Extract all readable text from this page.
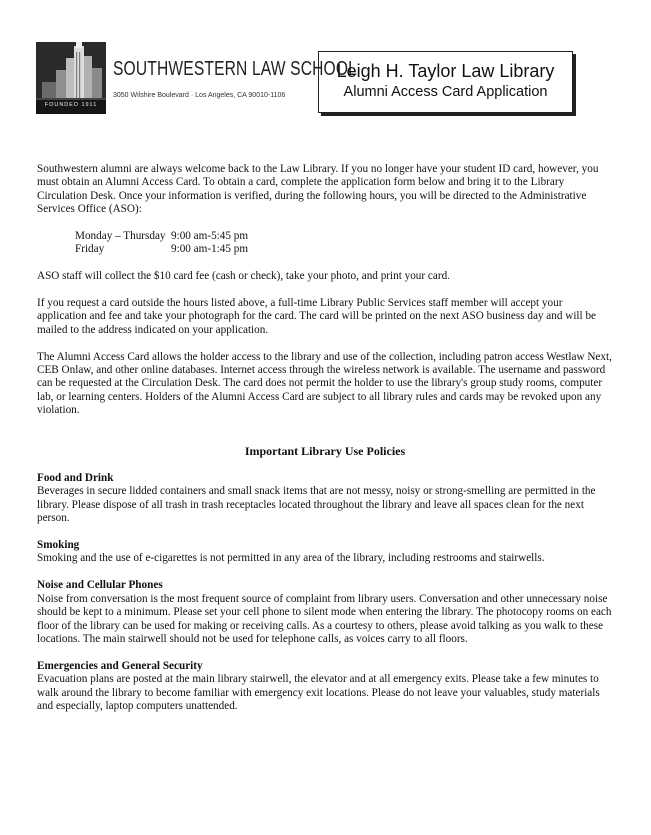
FOUNDED 1911
SOUTHWESTERN LAW SCHOOL
3050 Wilshire Boulevard · Los Angeles, CA 90010-1106
Leigh H. Taylor Law Library
Alumni Access Card Application

Southwestern alumni are always welcome back to the Law Library. If you no longer have your student ID card, however, you must obtain an Alumni Access Card. To obtain a card, complete the application form below and bring it to the Library Circulation Desk. Once your information is verified, during the following hours, you will be directed to the Administrative Services Office (ASO):

Monday – Thursday 9:00 am-5:45 pm
Friday	9:00 am-1:45 pm

ASO staff will collect the $10 card fee (cash or check), take your photo, and print your card.

If you request a card outside the hours listed above, a full-time Library Public Services staff member will accept your application and fee and take your photograph for the card. The card will be printed on the next ASO business day and will be mailed to the address indicated on your application.

The Alumni Access Card allows the holder access to the library and use of the collection, including patron access Westlaw Next, CEB Onlaw, and other online databases. Internet access through the wireless network is available. The username and password can be requested at the Circulation Desk. The card does not permit the holder to use the library's group study rooms, computer lab, or learning centers. Holders of the Alumni Access Card are subject to all library rules and cards may be revoked upon any violation.

Important Library Use Policies
Food and Drink
Beverages in secure lidded containers and small snack items that are not messy, noisy or strong-smelling are permitted in the library. Please dispose of all trash in trash receptacles located throughout the library and leave all spaces clean for the next person.
Smoking
Smoking and the use of e-cigarettes is not permitted in any area of the library, including restrooms and stairwells.
Noise and Cellular Phones
Noise from conversation is the most frequent source of complaint from library users. Conversation and other unnecessary noise should be kept to a minimum. Please set your cell phone to silent mode when entering the library. The photocopy rooms on each floor of the library can be used for making or receiving calls. As a courtesy to others, please avoid talking as you walk to these locations. The main stairwell should not be used for telephone calls, as voices carry to all floors.
Emergencies and General Security
Evacuation plans are posted at the main library stairwell, the elevator and at all emergency exits. Please take a few minutes to walk around the library to become familiar with emergency exit locations. Please do not leave your valuables, study materials and especially, laptop computers unattended.
